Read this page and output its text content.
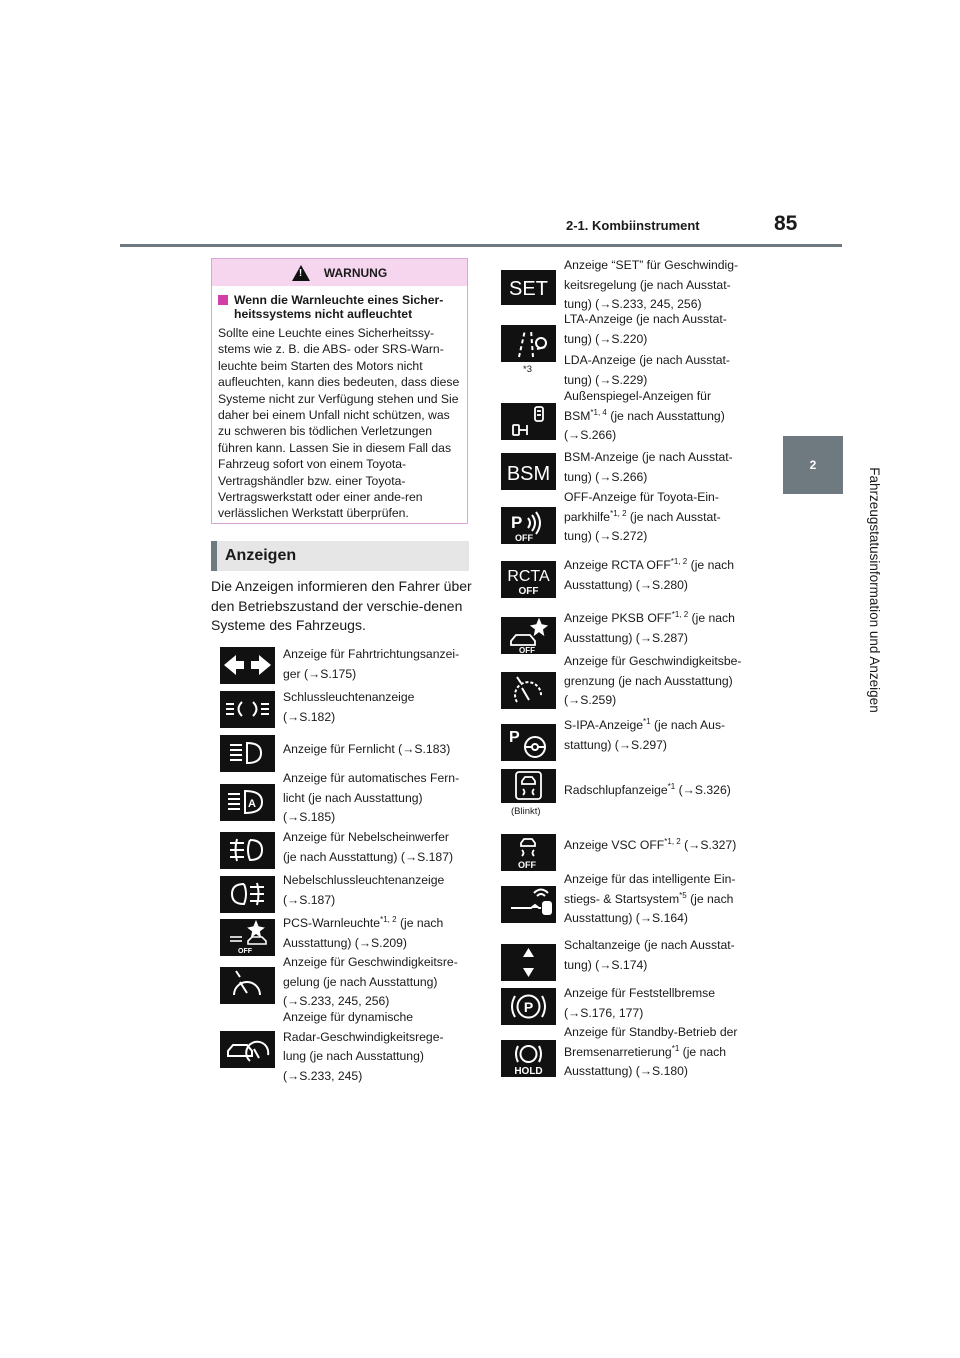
2-1. Kombiinstrument	85
2
Fahrzeugstatusinformation und Anzeigen
! WARNUNG
Wenn die Warnleuchte eines Sicher-heitssystems nicht aufleuchtet
Sollte eine Leuchte eines Sicherheitssy-stems wie z. B. die ABS- oder SRS-Warn-leuchte beim Starten des Motors nicht aufleuchten, kann dies bedeuten, dass diese Systeme nicht zur Verfügung stehen und Sie daher bei einem Unfall nicht schützen, was zu schweren bis tödlichen Verletzungen führen kann. Lassen Sie in diesem Fall das Fahrzeug sofort von einem Toyota-Vertragshändler bzw. einer Toyota-Vertragswerkstatt oder einer ande-ren verlässlichen Werkstatt überprüfen.
Anzeigen
Die Anzeigen informieren den Fahrer über den Betriebszustand der verschie-denen Systeme des Fahrzeugs.
Anzeige für Fahrtrichtungsanzei-
ger (→S.175)
Schlussleuchtenanzeige
(→S.182)
Anzeige für Fernlicht (→S.183)
A
Anzeige für automatisches Fern-
licht (je nach Ausstattung)
(→S.185)
Anzeige für Nebelscheinwerfer
(je nach Ausstattung) (→S.187)
Nebelschlussleuchtenanzeige
(→S.187)
OFF
PCS-Warnleuchte$^{*1, 2}$ (je nach
Ausstattung) (→S.209)
Anzeige für Geschwindigkeitsre-
gelung (je nach Ausstattung)
(→S.233, 245, 256)
Anzeige für dynamische
Radar-Geschwindigkeitsrege-
lung (je nach Ausstattung)
(→S.233, 245)
SET
Anzeige “SET” für Geschwindig-
keitsregelung (je nach Ausstat-
tung) (→S.233, 245, 256)
*3
LTA-Anzeige (je nach Ausstat-
tung) (→S.220)
LDA-Anzeige (je nach Ausstat-
tung) (→S.229)
Außenspiegel-Anzeigen für
BSM$^{*1, 4}$ (je nach Ausstattung)
(→S.266)
BSM
BSM-Anzeige (je nach Ausstat-
tung) (→S.266)
P
OFF
OFF-Anzeige für Toyota-Ein-
parkhilfe$^{*1, 2}$ (je nach Ausstat-
tung) (→S.272)
RCTA
OFF
Anzeige RCTA OFF$^{*1, 2}$ (je nach
Ausstattung) (→S.280)
OFF
Anzeige PKSB OFF$^{*1, 2}$ (je nach
Ausstattung) (→S.287)
Anzeige für Geschwindigkeitsbe-
grenzung (je nach Ausstattung)
(→S.259)
P
S-IPA-Anzeige$^{*1}$ (je nach Aus-
stattung) (→S.297)
(Blinkt)
Radschlupfanzeige$^{*1}$ (→S.326)
OFF
Anzeige VSC OFF$^{*1, 2}$ (→S.327)
Anzeige für das intelligente Ein-
stiegs- & Startsystem$^{*5}$ (je nach
Ausstattung) (→S.164)
Schaltanzeige (je nach Ausstat-
tung) (→S.174)
P
Anzeige für Feststellbremse
(→S.176, 177)
HOLD
Anzeige für Standby-Betrieb der
Bremsenarretierung$^{*1}$ (je nach
Ausstattung) (→S.180)
